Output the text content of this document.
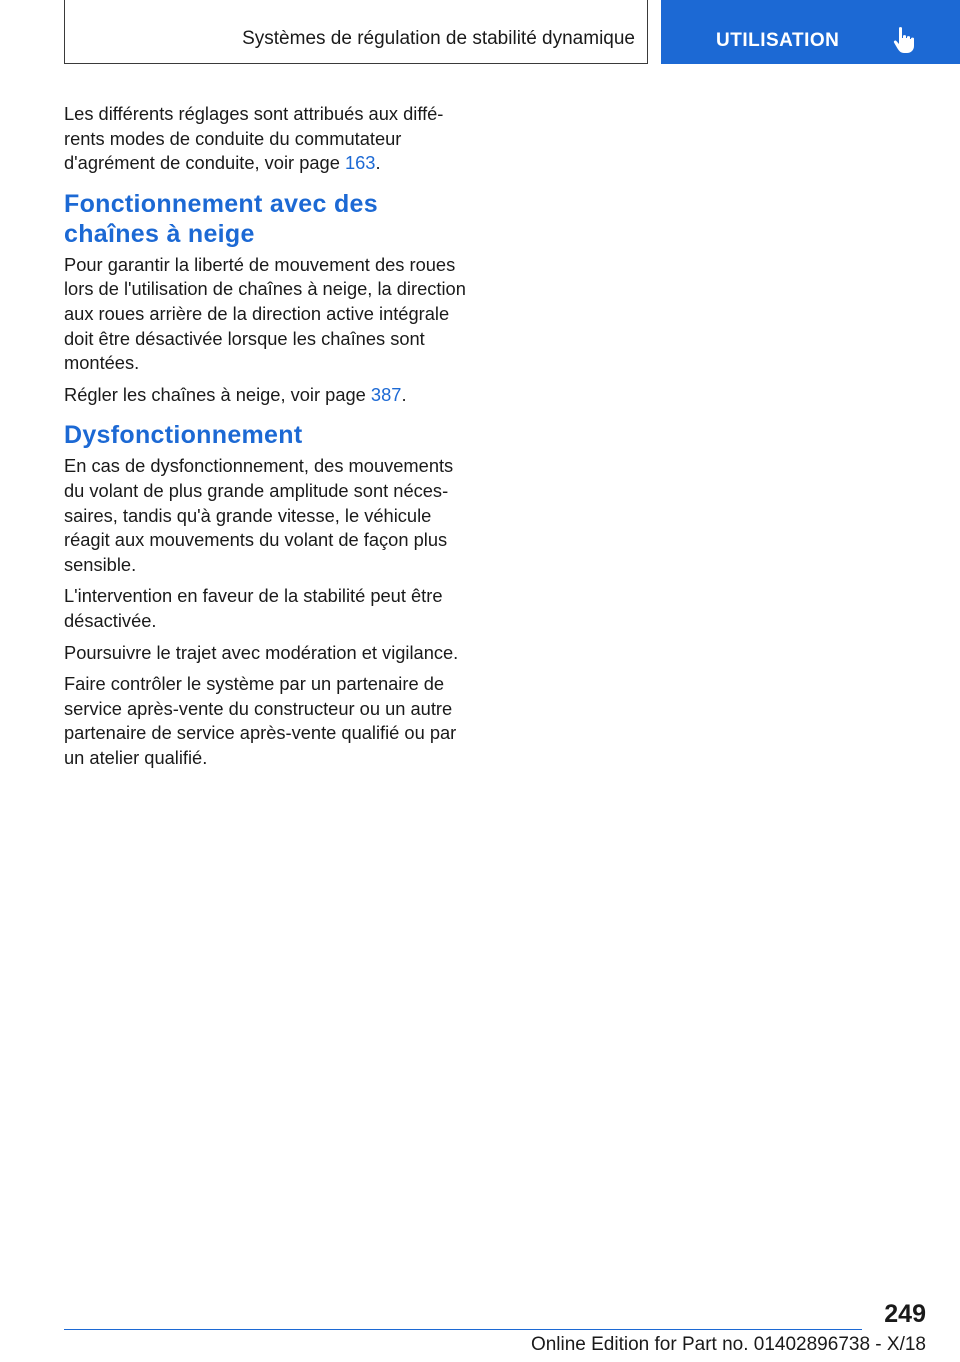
Systèmes de régulation de stabilité dynamique	UTILISATION

Les différents réglages sont attribués aux diffé-
rents modes de conduite du commutateur
d'agrément de conduite, voir page 163.

Fonctionnement avec des
chaînes à neige

Pour garantir la liberté de mouvement des roues
lors de l'utilisation de chaînes à neige, la direction
aux roues arrière de la direction active intégrale
doit être désactivée lorsque les chaînes sont
montées.

Régler les chaînes à neige, voir page 387.

Dysfonctionnement

En cas de dysfonctionnement, des mouvements
du volant de plus grande amplitude sont néces-
saires, tandis qu'à grande vitesse, le véhicule
réagit aux mouvements du volant de façon plus
sensible.

L'intervention en faveur de la stabilité peut être
désactivée.

Poursuivre le trajet avec modération et vigilance.

Faire contrôler le système par un partenaire de
service après-vente du constructeur ou un autre
partenaire de service après-vente qualifié ou par
un atelier qualifié.

249
Online Edition for Part no. 01402896738 - X/18
